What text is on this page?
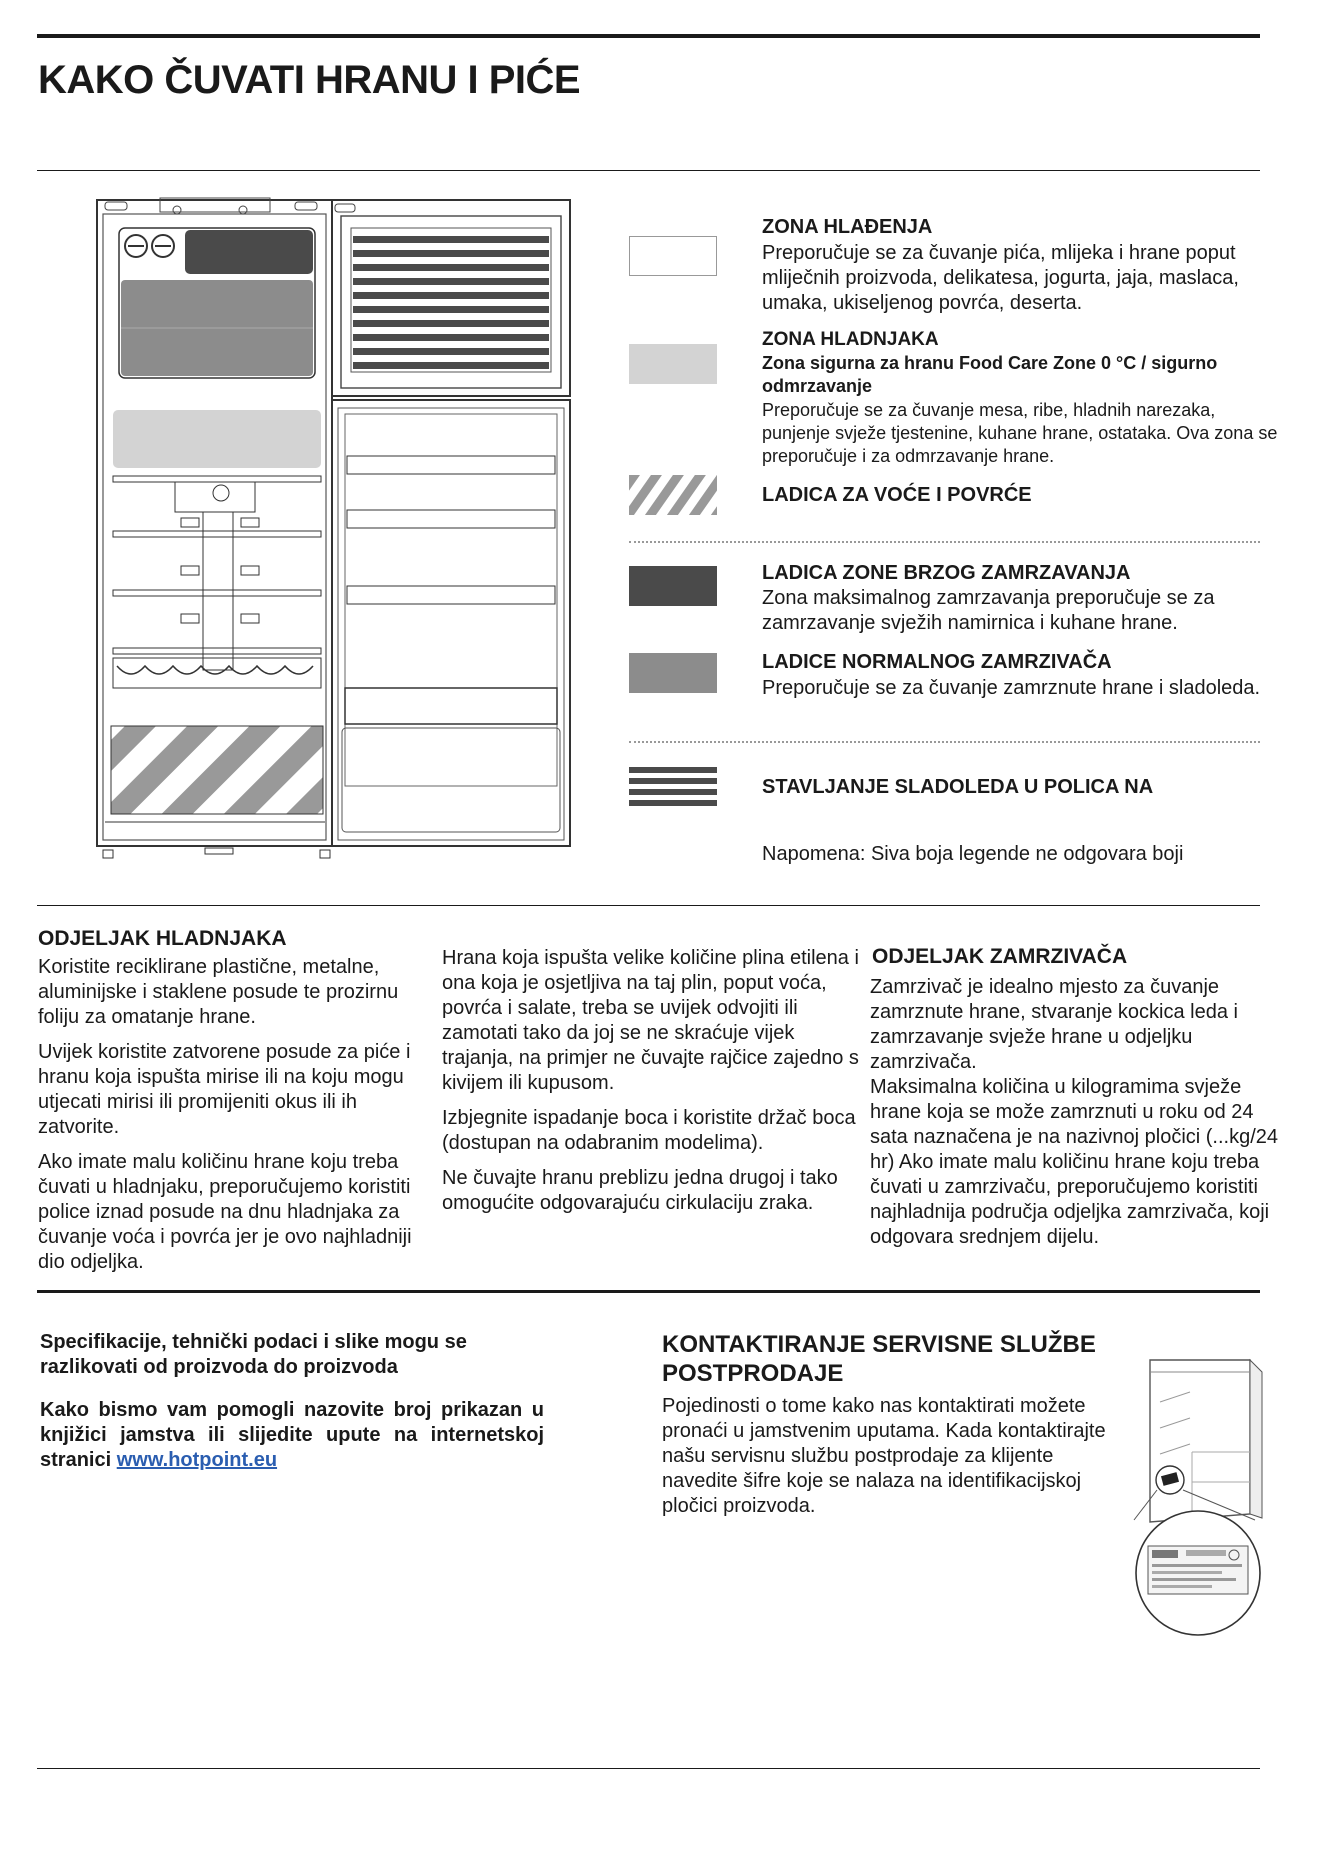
KAKO ČUVATI HRANU I PIĆE

ZONA HLAĐENJA

Preporučuje se za čuvanje pića, mlijeka i hrane poput mliječnih proizvoda, delikatesa, jogurta, jaja, maslaca, umaka, ukiseljenog povrća, deserta.

ZONA HLADNJAKA

Zona sigurna za hranu Food Care Zone 0 °C / sigurno odmrzavanje

Preporučuje se za čuvanje mesa, ribe, hladnih narezaka, punjenje svježe tjestenine, kuhane hrane, ostataka. Ova zona se preporučuje i za odmrzavanje hrane.

LADICA ZA VOĆE I POVRĆE

LADICA ZONE BRZOG ZAMRZAVANJA

Zona maksimalnog zamrzavanja preporučuje se za zamrzavanje svježih namirnica i kuhane hrane.

LADICE NORMALNOG ZAMRZIVAČA

Preporučuje se za čuvanje zamrznute hrane i sladoleda.

STAVLJANJE SLADOLEDA U POLICA NA

Napomena: Siva boja legende ne odgovara boji

ODJELJAK HLADNJAKA

Koristite reciklirane plastične, metalne, aluminijske i staklene posude te prozirnu foliju za omatanje hrane.

Uvijek koristite zatvorene posude za piće i hranu koja ispušta mirise ili na koju mogu utjecati mirisi ili promijeniti okus ili ih zatvorite.

Ako imate malu količinu hrane koju treba čuvati u hladnjaku, preporučujemo koristiti police iznad posude na dnu hladnjaka za čuvanje voća i povrća jer je ovo najhladniji dio odjeljka.

Hrana koja ispušta velike količine plina etilena i ona koja je osjetljiva na taj plin, poput voća, povrća i salate, treba se uvijek odvojiti ili zamotati tako da joj se ne skraćuje vijek trajanja, na primjer ne čuvajte rajčice zajedno s kivijem ili kupusom.

Izbjegnite ispadanje boca i koristite držač boca (dostupan na odabranim modelima).

Ne čuvajte hranu preblizu jedna drugoj i tako omogućite odgovarajuću cirkulaciju zraka.

ODJELJAK ZAMRZIVAČA

Zamrzivač je idealno mjesto za čuvanje zamrznute hrane, stvaranje kockica leda i zamrzavanje svježe hrane u odjeljku zamrzivača.

Maksimalna količina u kilogramima svježe hrane koja se može zamrznuti u roku od 24 sata naznačena je na nazivnoj pločici (...kg/24 hr) Ako imate malu količinu hrane koju treba čuvati u zamrzivaču, preporučujemo koristiti najhladnija područja odjeljka zamrzivača, koji odgovara srednjem dijelu.

Specifikacije, tehnički podaci i slike mogu se razlikovati od proizvoda do proizvoda

Kako bismo vam pomogli nazovite broj prikazan u knjižici jamstva ili slijedite upute na internetskoj stranici www.hotpoint.eu

KONTAKTIRANJE SERVISNE SLUŽBE POSTPRODAJE

Pojedinosti o tome kako nas kontaktirati možete pronaći u jamstvenim uputama. Kada kontaktirajte našu servisnu službu postprodaje za klijente navedite šifre koje se nalaza na identifikacijskoj pločici proizvoda.
